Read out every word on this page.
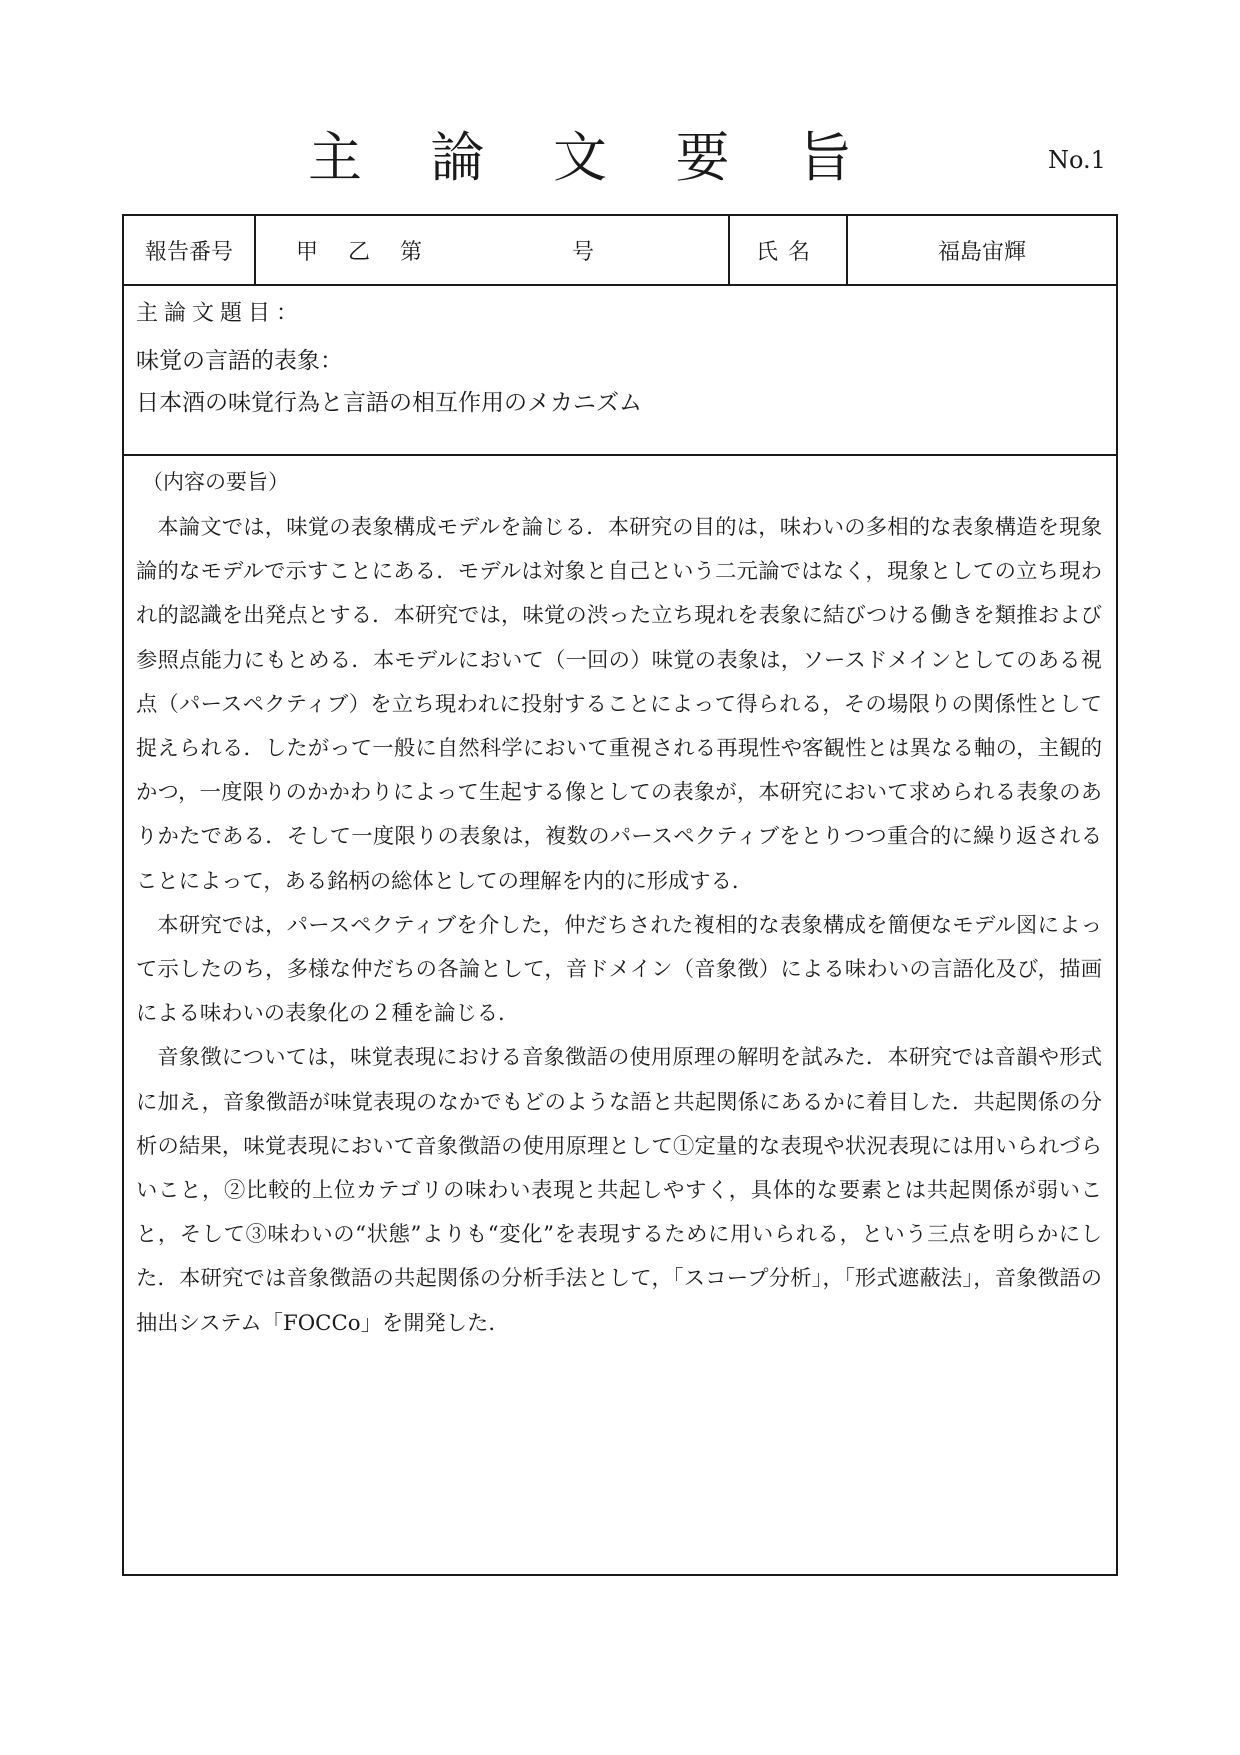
主 論 文 要 旨	No.1
報告番号	甲 乙 第	号	氏名	福島宙輝
主論文題目：
味覚の言語的表象：
日本酒の味覚行為と言語の相互作用のメカニズム
（内容の要旨）

本論文では，味覚の表象構成モデルを論じる．本研究の目的は，味わいの多相的な表象構造を現象論的なモデルで示すことにある．モデルは対象と自己という二元論ではなく，現象としての立ち現われ的認識を出発点とする．本研究では，味覚の渋った立ち現れを表象に結びつける働きを類推および参照点能力にもとめる．本モデルにおいて（一回の）味覚の表象は，ソースドメインとしてのある視点（パースペクティブ）を立ち現われに投射することによって得られる，その場限りの関係性として捉えられる．したがって一般に自然科学において重視される再現性や客観性とは異なる軸の，主観的かつ，一度限りのかかわりによって生起する像としての表象が，本研究において求められる表象のありかたである．そして一度限りの表象は，複数のパースペクティブをとりつつ重合的に繰り返されることによって，ある銘柄の総体としての理解を内的に形成する．

本研究では，パースペクティブを介した，仲だちされた複相的な表象構成を簡便なモデル図によって示したのち，多様な仲だちの各論として，音ドメイン（音象徴）による味わいの言語化及び，描画による味わいの表象化の２種を論じる．

音象徴については，味覚表現における音象徴語の使用原理の解明を試みた．本研究では音韻や形式に加え，音象徴語が味覚表現のなかでもどのような語と共起関係にあるかに着目した．共起関係の分析の結果，味覚表現において音象徴語の使用原理として①定量的な表現や状況表現には用いられづらいこと，②比較的上位カテゴリの味わい表現と共起しやすく，具体的な要素とは共起関係が弱いこと，そして③味わいの“状態”よりも“変化”を表現するために用いられる，という三点を明らかにした．本研究では音象徴語の共起関係の分析手法として，「スコープ分析」，「形式遮蔽法」，音象徴語の抽出システム「FOCCo」を開発した．
